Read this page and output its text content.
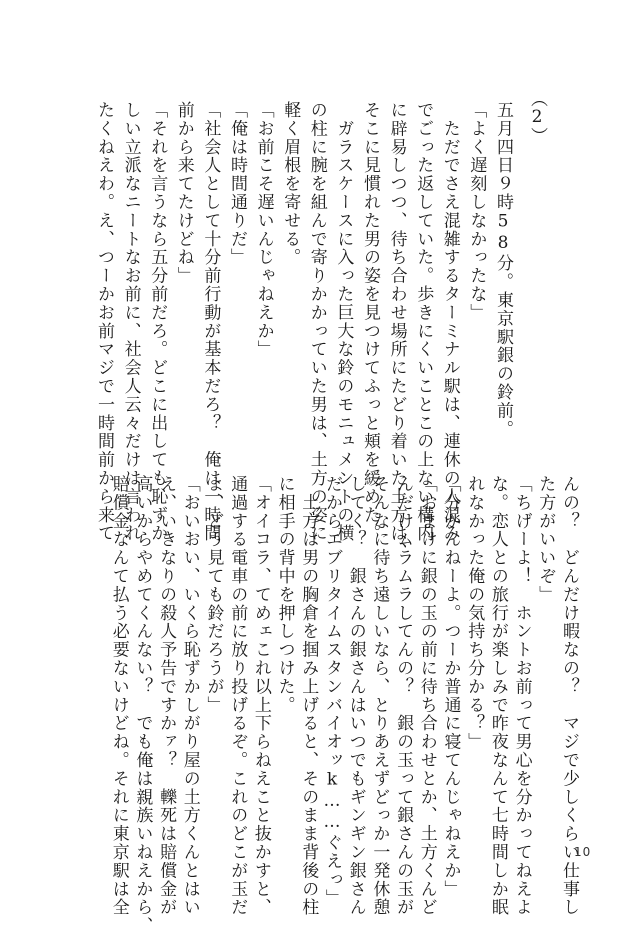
（2）
五月四日９時58分。東京駅銀の鈴前。
「よく遅刻しなかったな」
　ただでさえ混雑するターミナル駅は、連休の人混み
でごった返していた。歩きにくいことこの上ない構内
に辟易しつつ、待ち合わせ場所にたどり着いた土方は、
そこに見慣れた男の姿を見つけてふっと頬を緩めた。
　ガラスケースに入った巨大な鈴のモニュメントの横
の柱に腕を組んで寄りかかっていた男は、土方の姿に
軽く眉根を寄せる。
「お前こそ遅いんじゃねえか」
「俺は時間通りだ」
「社会人として十分前行動が基本だろ？　俺は一時間
前から来てたけどね」
「それを言うなら五分前だろ。どこに出しても恥ずか
しい立派なニートなお前に、社会人云々だけは言われ
たくねえわ。え、つーかお前マジで一時間前から来て
んの？　どんだけ暇なの？　マジで少しくらい仕事し
た方がいいぞ」
「ちげーよ！　ホントお前って男心を分かってねえよ
な。恋人との旅行が楽しみで昨夜なんて七時間しか眠
れなかった俺の気持ち分かる？」
「分かんねーよ。つーか普通に寝てんじゃねえか」
「おまけに銀の玉の前に待ち合わせとか、土方くんど
んだけムラムラしてんの？　銀の玉って銀さんの玉が
そんなに待ち遠しいなら、とりあえずどっか一発休憩
してく？　銀さんの銀さんはいつでもギンギン銀さん
だからエブリタイムスタンバイオッk……ぐえっ」
　土方は男の胸倉を掴み上げると、そのまま背後の柱
に相手の背中を押しつけた。
「オイコラ、てめェこれ以上下らねえこと抜かすと、
通過する電車の前に放り投げるぞ。これのどこが玉だ
よ、どう見ても鈴だろうが」
「おいおい、いくら恥ずかしがり屋の土方くんとはい
え、いきなりの殺人予告ですかァ？　轢死は賠償金が
高いからやめてくんない？　でも俺は親族いねえから、
賠償金なんて払う必要ないけどね。それに東京駅は全	10
